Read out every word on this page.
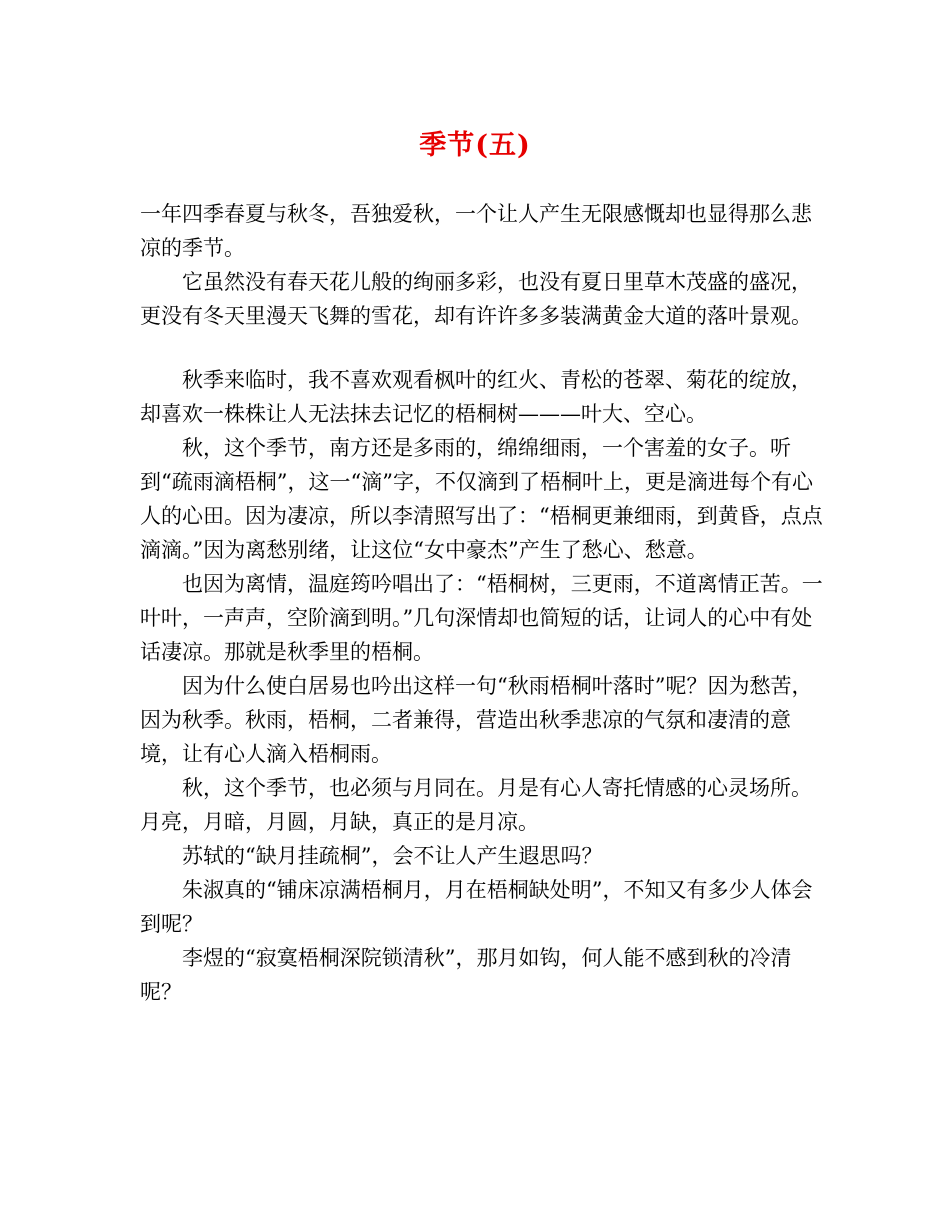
季节(五)

一年四季春夏与秋冬，吾独爱秋，一个让人产生无限感慨却也显得那么悲凉的季节。

它虽然没有春天花儿般的绚丽多彩，也没有夏日里草木茂盛的盛况，更没有冬天里漫天飞舞的雪花，却有许许多多装满黄金大道的落叶景观。

秋季来临时，我不喜欢观看枫叶的红火、青松的苍翠、菊花的绽放，却喜欢一株株让人无法抹去记忆的梧桐树———叶大、空心。

秋，这个季节，南方还是多雨的，绵绵细雨，一个害羞的女子。听到“疏雨滴梧桐”，这一“滴”字，不仅滴到了梧桐叶上，更是滴进每个有心人的心田。因为凄凉，所以李清照写出了：“梧桐更兼细雨，到黄昏，点点滴滴。”因为离愁别绪，让这位“女中豪杰”产生了愁心、愁意。

也因为离情，温庭筠吟唱出了：“梧桐树，三更雨，不道离情正苦。一叶叶，一声声，空阶滴到明。”几句深情却也简短的话，让词人的心中有处话凄凉。那就是秋季里的梧桐。

因为什么使白居易也吟出这样一句“秋雨梧桐叶落时”呢？因为愁苦，因为秋季。秋雨，梧桐，二者兼得，营造出秋季悲凉的气氛和凄清的意境，让有心人滴入梧桐雨。

秋，这个季节，也必须与月同在。月是有心人寄托情感的心灵场所。月亮，月暗，月圆，月缺，真正的是月凉。

苏轼的“缺月挂疏桐”，会不让人产生遐思吗？

朱淑真的“铺床凉满梧桐月，月在梧桐缺处明”，不知又有多少人体会到呢？

李煜的“寂寞梧桐深院锁清秋”，那月如钩，何人能不感到秋的冷清呢？
